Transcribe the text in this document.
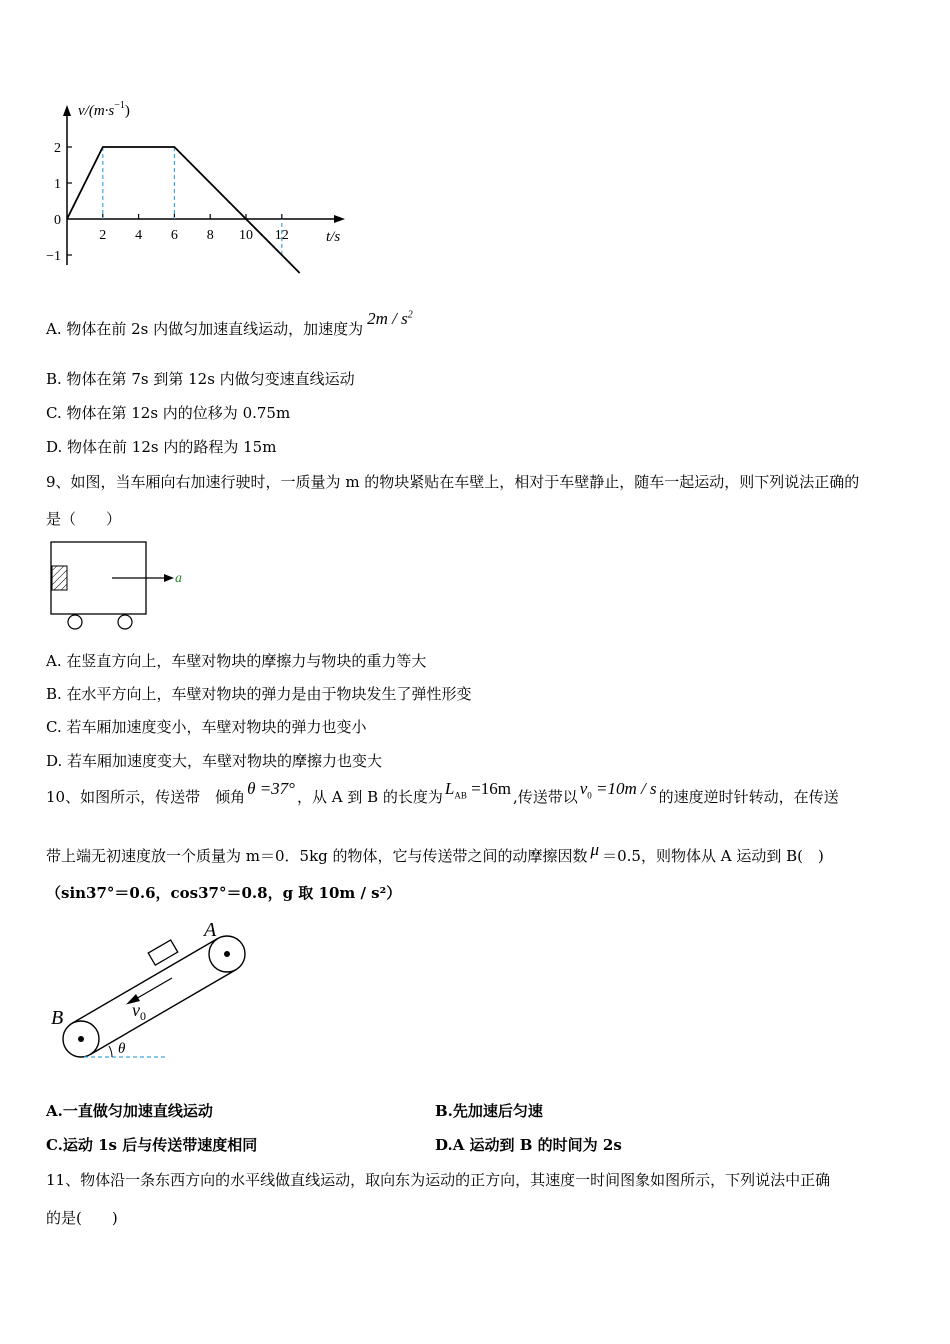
2 4 6 8 10 12
2
1
0
−1
$v/(m\cdot s^{-1})$
t/s
A. 物体在前 2s 内做匀加速直线运动，加速度为$2m / s^2$
B. 物体在第 7s 到第 12s 内做匀变速直线运动
C. 物体在第 12s 内的位移为 0.75m
D. 物体在前 12s 内的路程为 15m
9、如图，当车厢向右加速行驶时，一质量为 m 的物块紧贴在车壁上，相对于车壁静止，随车一起运动，则下列说法正确的
是（　　）
a
A. 在竖直方向上，车壁对物块的摩擦力与物块的重力等大
B. 在水平方向上，车壁对物块的弹力是由于物块发生了弹性形变
C. 若车厢加速度变小，车壁对物块的弹力也变小
D. 若车厢加速度变大，车壁对物块的摩擦力也变大
10、如图所示，传送带　倾角 θ =37° ，从 A 到 B 的长度为 $L_{AB} =16m$ ,传送带以 $v_0 =10m / s$ 的速度逆时针转动，在传送
带上端无初速度放一个质量为 m＝0．5kg 的物体，它与传送带之间的动摩擦因数 μ ＝0.5，则物体从 A 运动到 B(　)
（sin37°＝0.6，cos37°＝0.8，g 取 10m / s²）
$v_0$
A
B
θ
A.一直做匀加速直线运动	B.先加速后匀速
C.运动 1s 后与传送带速度相同	D.A 运动到 B 的时间为 2s
11、物体沿一条东西方向的水平线做直线运动，取向东为运动的正方向，其速度一时间图象如图所示，下列说法中正确
的是(　　)
